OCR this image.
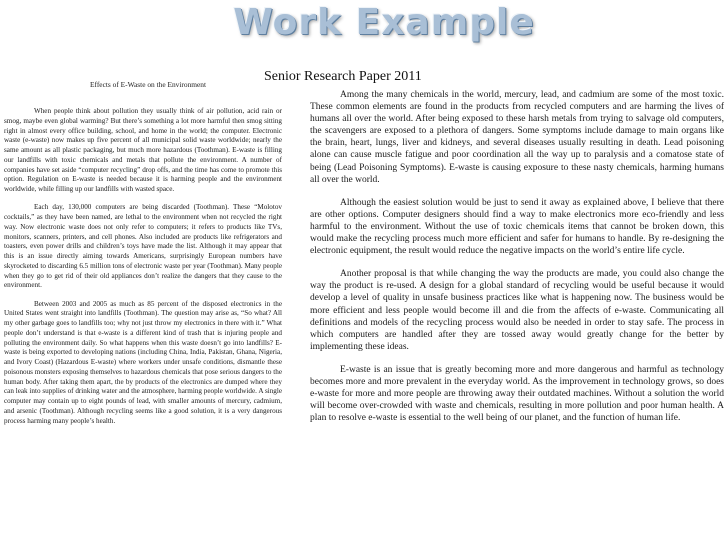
Work Example
Senior Research Paper 2011
Effects of E-Waste on the Environment

When people think about pollution they usually think of air pollution, acid rain or smog, maybe even global warming? But there’s something a lot more harmful then smog sitting right in almost every office building, school, and home in the world; the computer. Electronic waste (e-waste) now makes up five percent of all municipal solid waste worldwide; nearly the same amount as all plastic packaging, but much more hazardous (Toothman). E-waste is filling our landfills with toxic chemicals and metals that pollute the environment. A number of companies have set aside “computer recycling” drop offs, and the time has come to promote this option. Regulation on E-waste is needed because it is harming people and the environment worldwide, while filling up our landfills with wasted space.

Each day, 130,000 computers are being discarded (Toothman). These “Molotov cocktails,” as they have been named, are lethal to the environment when not recycled the right way. Now electronic waste does not only refer to computers; it refers to products like TVs, monitors, scanners, printers, and cell phones. Also included are products like refrigerators and toasters, even power drills and children’s toys have made the list. Although it may appear that this is an issue directly aiming towards Americans, surprisingly European numbers have skyrocketed to discarding 6.5 million tons of electronic waste per year (Toothman). Many people when they go to get rid of their old appliances don’t realize the dangers that they cause to the environment.

Between 2003 and 2005 as much as 85 percent of the disposed electronics in the United States went straight into landfills (Toothman). The question may arise as, “So what? All my other garbage goes to landfills too; why not just throw my electronics in there with it.” What people don’t understand is that e-waste is a different kind of trash that is injuring people and polluting the environment daily. So what happens when this waste doesn’t go into landfills? E-waste is being exported to developing nations (including China, India, Pakistan, Ghana, Nigeria, and Ivory Coast) (Hazardous E-waste) where workers under unsafe conditions, dismantle these poisonous monsters exposing themselves to hazardous chemicals that pose serious dangers to the human body. After taking them apart, the by products of the electronics are dumped where they can leak into supplies of drinking water and the atmosphere, harming people worldwide. A single computer may contain up to eight pounds of lead, with smaller amounts of mercury, cadmium, and arsenic (Toothman). Although recycling seems like a good solution, it is a very dangerous process harming many people’s health.

Among the many chemicals in the world, mercury, lead, and cadmium are some of the most toxic. These common elements are found in the products from recycled computers and are harming the lives of humans all over the world. After being exposed to these harsh metals from trying to salvage old computers, the scavengers are exposed to a plethora of dangers. Some symptoms include damage to main organs like the brain, heart, lungs, liver and kidneys, and several diseases usually resulting in death. Lead poisoning alone can cause muscle fatigue and poor coordination all the way up to paralysis and a comatose state of being (Lead Poisoning Symptoms). E-waste is causing exposure to these nasty chemicals, harming humans all over the world.

Although the easiest solution would be just to send it away as explained above, I believe that there are other options. Computer designers should find a way to make electronics more eco-friendly and less harmful to the environment. Without the use of toxic chemicals items that cannot be broken down, this would make the recycling process much more efficient and safer for humans to handle. By re-designing the electronic equipment, the result would reduce the negative impacts on the world’s entire life cycle.

Another proposal is that while changing the way the products are made, you could also change the way the product is re-used. A design for a global standard of recycling would be useful because it would develop a level of quality in unsafe business practices like what is happening now. The business would be more efficient and less people would become ill and die from the affects of e-waste. Communicating all definitions and models of the recycling process would also be needed in order to stay safe. The process in which computers are handled after they are tossed away would greatly change for the better by implementing these ideas.

E-waste is an issue that is greatly becoming more and more dangerous and harmful as technology becomes more and more prevalent in the everyday world. As the improvement in technology grows, so does e-waste for more and more people are throwing away their outdated machines. Without a solution the world will become over-crowded with waste and chemicals, resulting in more pollution and poor human health. A plan to resolve e-waste is essential to the well being of our planet, and the function of human life.
